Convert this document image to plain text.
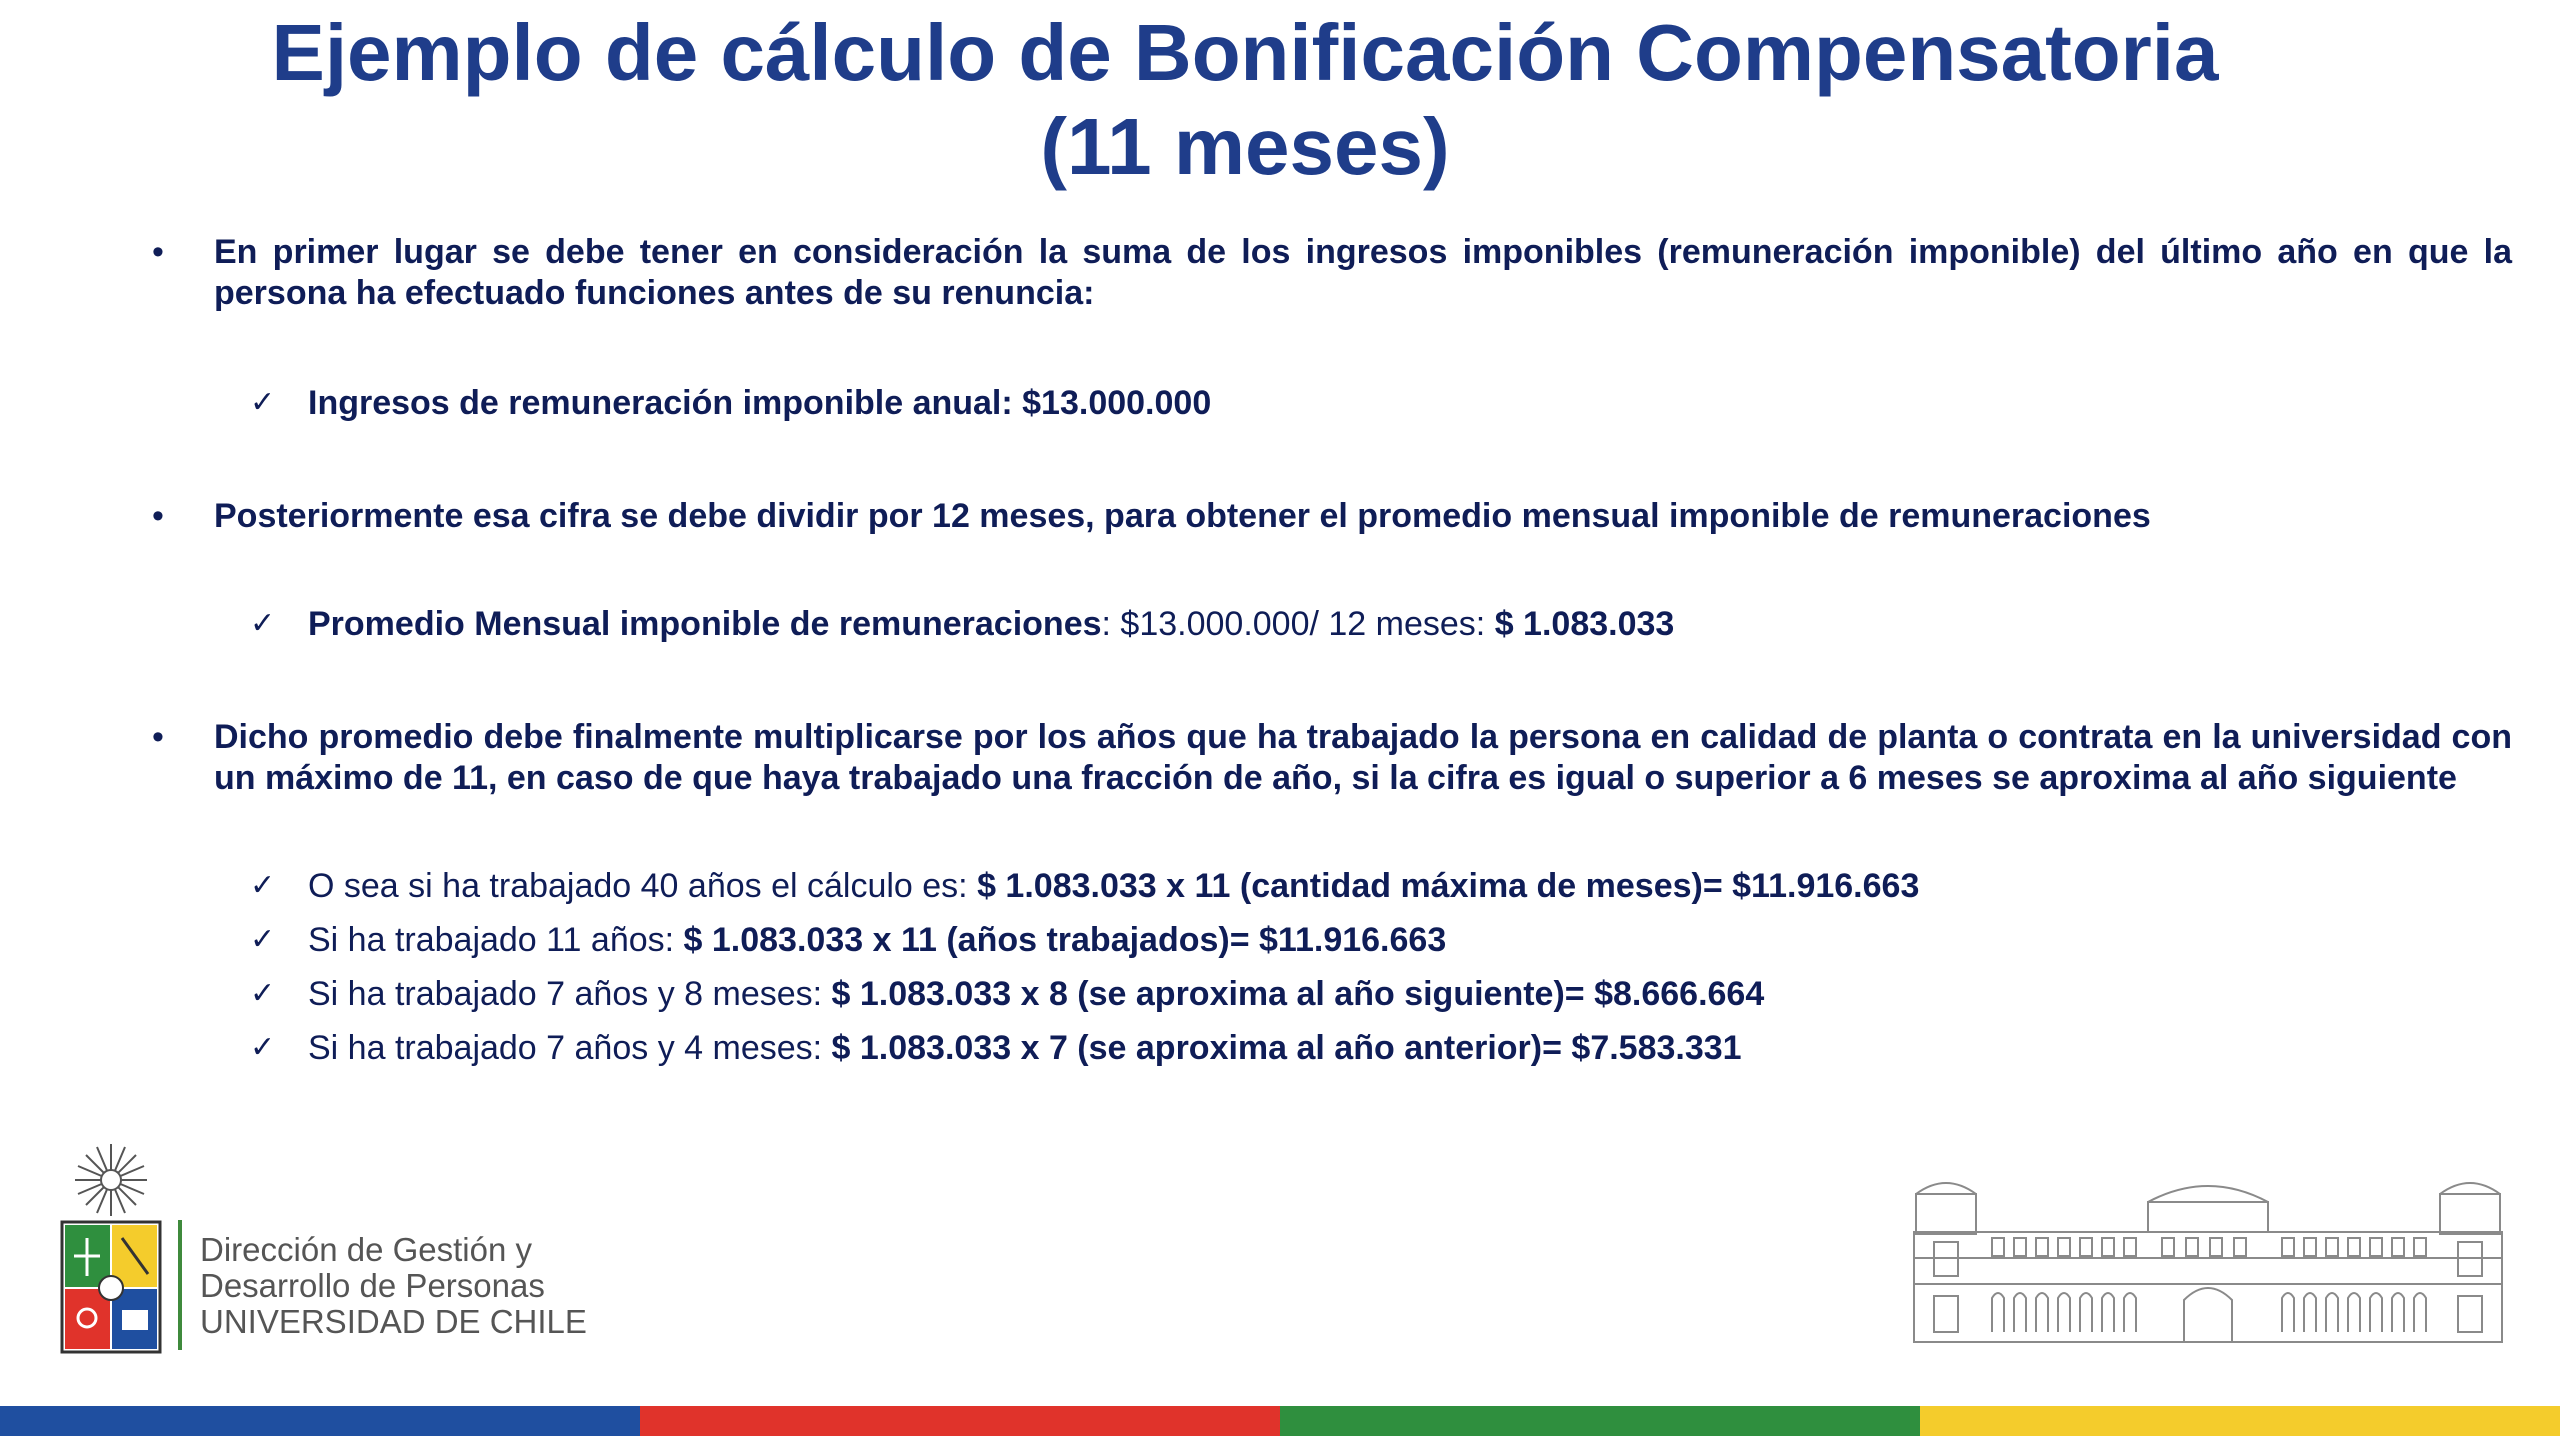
Ejemplo de cálculo de Bonificación Compensatoria
(11 meses)
• En primer lugar se debe tener en consideración la suma de los ingresos imponibles (remuneración imponible) del último año en que la persona ha efectuado funciones antes de su renuncia:
✓ Ingresos de remuneración imponible anual: $13.000.000
• Posteriormente esa cifra se debe dividir por 12 meses, para obtener el promedio mensual imponible de remuneraciones
✓ Promedio Mensual imponible de remuneraciones: $13.000.000/ 12 meses: $ 1.083.033
• Dicho promedio debe finalmente multiplicarse por los años que ha trabajado la persona en calidad de planta o contrata en la universidad con un máximo de 11, en caso de que haya trabajado una fracción de año, si la cifra es igual o superior a 6 meses se aproxima al año siguiente
✓ O sea si ha trabajado 40 años el cálculo es: $ 1.083.033 x 11 (cantidad máxima de meses)= $11.916.663
✓ Si ha trabajado 11 años: $ 1.083.033 x 11 (años trabajados)= $11.916.663
✓ Si ha trabajado 7 años y 8 meses: $ 1.083.033 x 8 (se aproxima al año siguiente)= $8.666.664
✓ Si ha trabajado 7 años y 4 meses: $ 1.083.033 x 7 (se aproxima al año anterior)= $7.583.331
Dirección de Gestión y
Desarrollo de Personas
UNIVERSIDAD DE CHILE
